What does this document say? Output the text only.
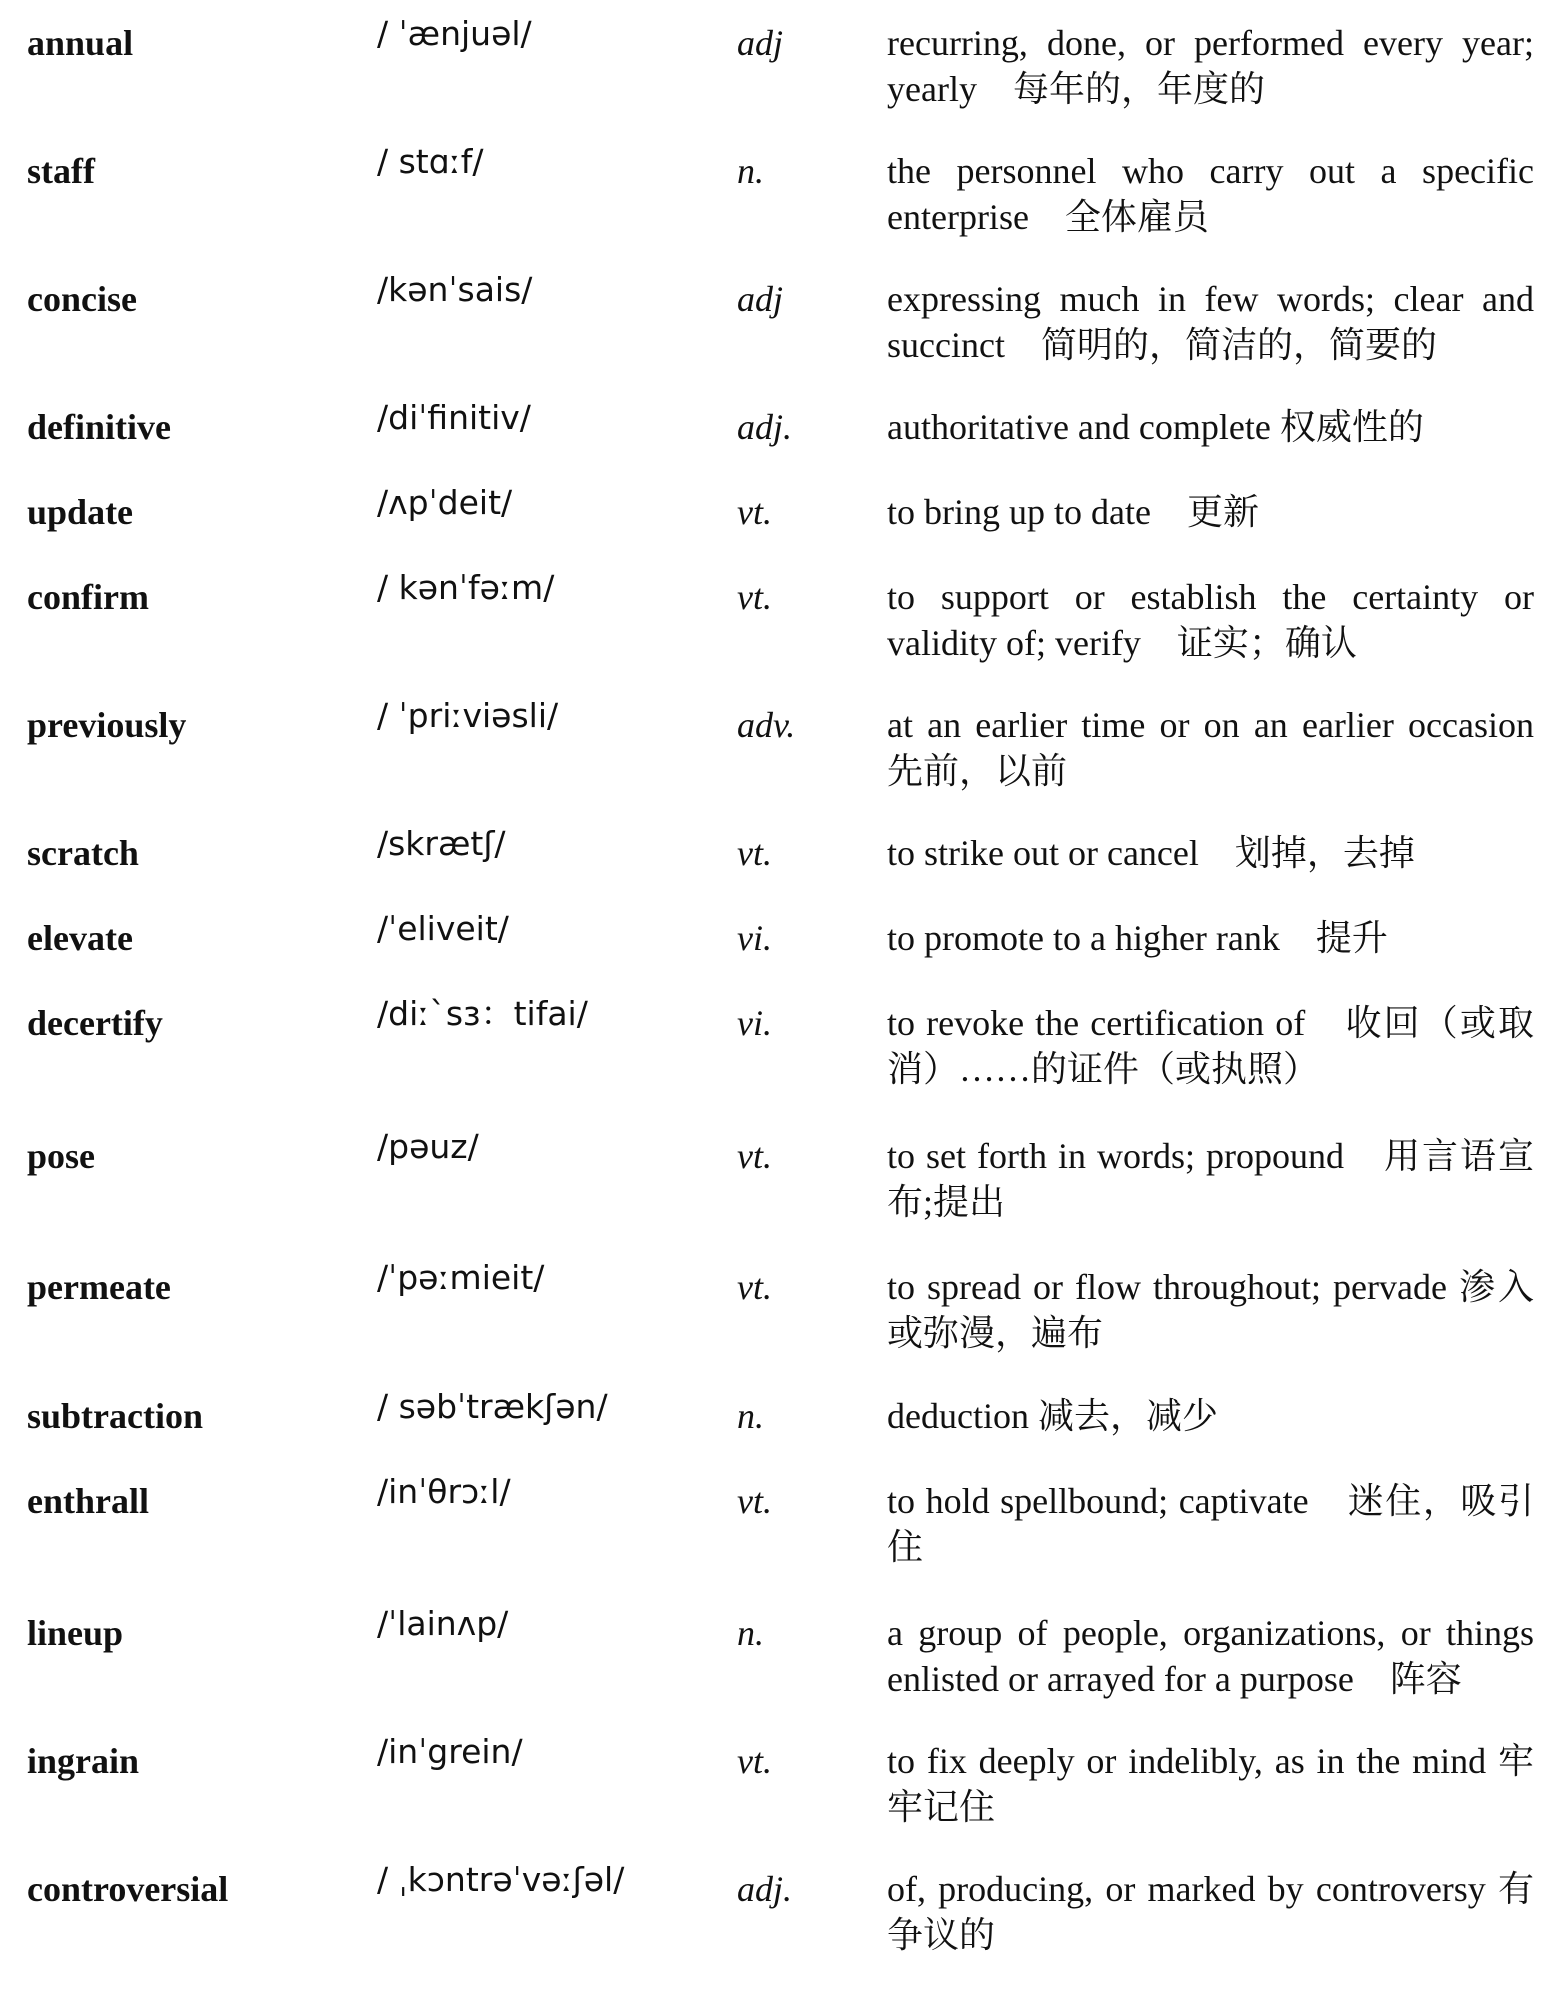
annual	/ ˈænjuəl/	adj	recurring, done, or performed every year; yearly　每年的，年度的
staff	/ stɑːf/	n.	the personnel who carry out a specific enterprise　全体雇员
concise	/kənˈsais/	adj	expressing much in few words; clear and succinct　简明的，简洁的，简要的
definitive	/diˈfinitiv/	adj.	authoritative and complete 权威性的
update	/ʌpˈdeit/	vt.	to bring up to date　更新
confirm	/ kənˈfəːm/	vt.	to support or establish the certainty or validity of; verify　证实；确认
previously	/ ˈpriːviəsli/	adv.	at an earlier time or on an earlier occasion 先前，以前
scratch	/skrætʃ/	vt.	to strike out or cancel　划掉，去掉
elevate	/ˈeliveit/	vi.	to promote to a higher rank　提升
decertify	/diː`sɜ：tifai/	vi.	to revoke the certification of　收回（或取消）……的证件（或执照）
pose	/pəuz/	vt.	to set forth in words; propound　用言语宣布;提出
permeate	/ˈpəːmieit/	vt.	to spread or flow throughout; pervade 渗入或弥漫，遍布
subtraction	/ səbˈtrækʃən/	n.	deduction 减去，减少
enthrall	/inˈθrɔːl/	vt.	to hold spellbound; captivate　迷住，吸引住
lineup	/ˈlainʌp/	n.	a group of people, organizations, or things enlisted or arrayed for a purpose　阵容
ingrain	/inˈgrein/	vt.	to fix deeply or indelibly, as in the mind 牢牢记住
controversial	/ ˌkɔntrəˈvəːʃəl/	adj.	of, producing, or marked by controversy 有争议的
